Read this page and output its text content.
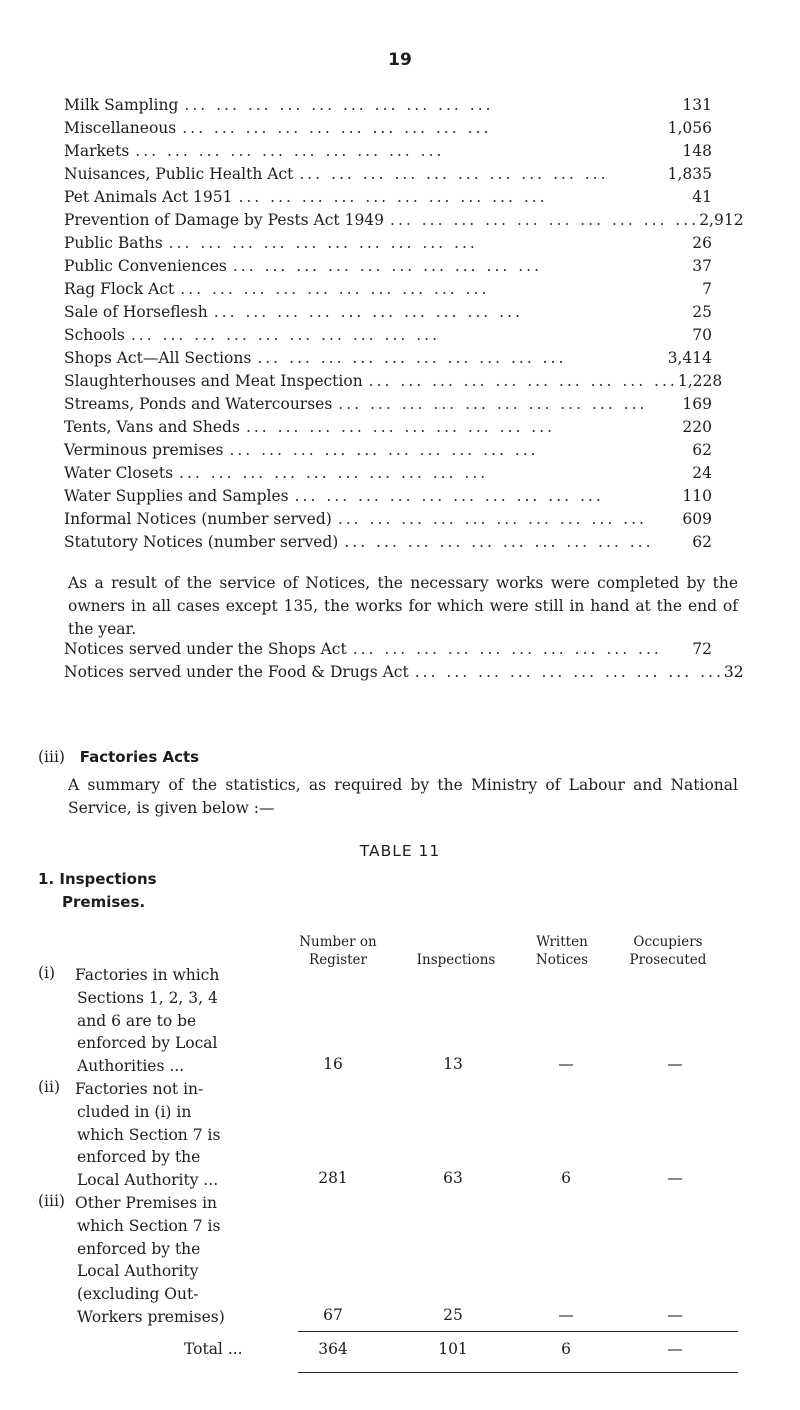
19
Milk Sampling ... ... ... ... ... ... ... ... ... ...	131
Miscellaneous ... ... ... ... ... ... ... ... ... ...	1,056
Markets ... ... ... ... ... ... ... ... ... ...	148
Nuisances, Public Health Act ... ... ... ... ... ... ... ... ... ...	1,835
Pet Animals Act 1951 ... ... ... ... ... ... ... ... ... ...	41
Prevention of Damage by Pests Act 1949 ... ... ... ... ... ... ... ... ... ... 2,912
Public Baths ... ... ... ... ... ... ... ... ... ...	26
Public Conveniences ... ... ... ... ... ... ... ... ... ...	37
Rag Flock Act ... ... ... ... ... ... ... ... ... ...	7
Sale of Horseflesh ... ... ... ... ... ... ... ... ... ...	25
Schools ... ... ... ... ... ... ... ... ... ...	70
Shops Act—All Sections ... ... ... ... ... ... ... ... ... ...	3,414
Slaughterhouses and Meat Inspection ... ... ... ... ... ... ... ... ... ... 1,228
Streams, Ponds and Watercourses ... ... ... ... ... ... ... ... ... ...	169
Tents, Vans and Sheds ... ... ... ... ... ... ... ... ... ...	220
Verminous premises ... ... ... ... ... ... ... ... ... ...	62
Water Closets ... ... ... ... ... ... ... ... ... ...	24
Water Supplies and Samples ... ... ... ... ... ... ... ... ... ...	110
Informal Notices (number served) ... ... ... ... ... ... ... ... ... ...	609
Statutory Notices (number served) ... ... ... ... ... ... ... ... ... ...	62
As a result of the service of Notices, the necessary works were completed by the owners in all cases except 135, the works for which were still in hand at the end of the year.
Notices served under the Shops Act ... ... ... ... ... ... ... ... ... ...	72
Notices served under the Food & Drugs Act ... ... ... ... ... ... ... ... ... ... 32
(iii) Factories Acts
A summary of the statistics, as required by the Ministry of Labour and National Service, is given below :—
TABLE 11
1. Inspections
Premises.
Number on
Register	Inspections
Written
Notices
Occupiers
Prosecuted
(i)	Factories in which
Sections 1, 2, 3, 4
and 6 are to be
enforced by Local
Authorities ...	16	13	—	—
(ii) Factories not in-
cluded in (i) in
which Section 7 is
enforced by the
Local Authority ...	281	63	6	—
(iii) Other Premises in
which Section 7 is
enforced by the
Local Authority
(excluding Out-
Workers premises)	67	25	—	—
Total ...	364	101	6	—
